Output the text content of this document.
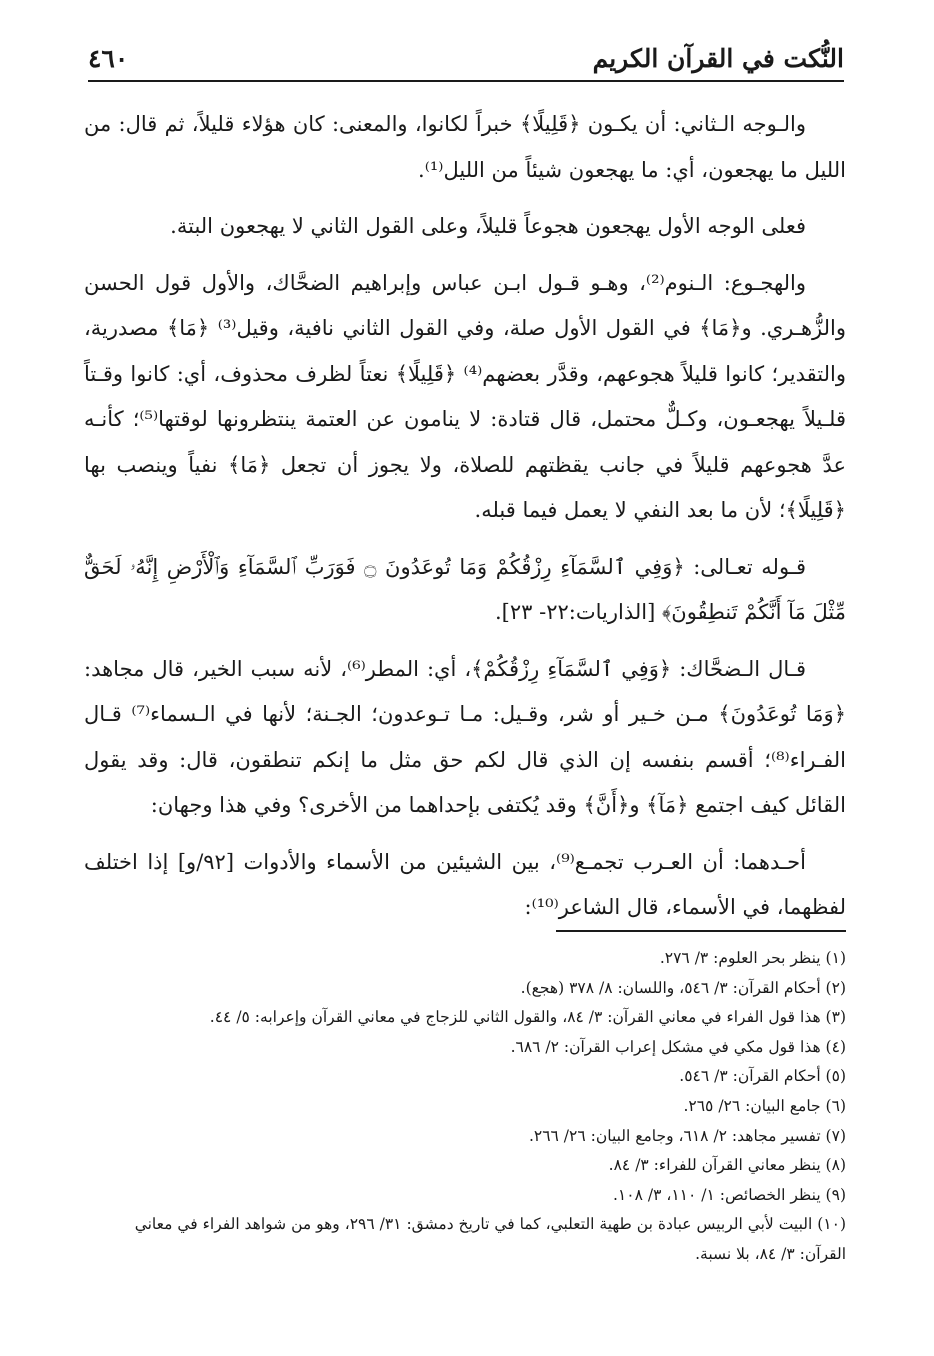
النُّكت في القرآن الكريم
٤٦٠

والـوجه الـثاني: أن يكـون ﴿قَلِيلًا﴾ خبراً لكانوا، والمعنى: كان هؤلاء قليلاً، ثم قال: من الليل ما يهجعون، أي: ما يهجعون شيئاً من الليل⁽¹⁾.

فعلى الوجه الأول يهجعون هجوعاً قليلاً، وعلى القول الثاني لا يهجعون البتة.

والهجـوع: الـنوم⁽²⁾، وهـو قـول ابـن عباس وإبراهيم الضحَّاك، والأول قول الحسن والزُّهـري. و﴿مَا﴾ في القول الأول صلة، وفي القول الثاني نافية، وقيل⁽³⁾ ﴿مَا﴾ مصدرية، والتقدير؛ كانوا قليلاً هجوعهم، وقدَّر بعضهم⁽⁴⁾ ﴿قَلِيلًا﴾ نعتاً لظرف محذوف، أي: كانوا وقـتاً قلـيلاً يهجعـون، وكـلٌّ محتمل، قال قتادة: لا ينامون عن العتمة ينتظرونها لوقتها⁽⁵⁾؛ كأنـه عدَّ هجوعهم قليلاً في جانب يقظتهم للصلاة، ولا يجوز أن تجعل ﴿مَا﴾ نفياً وينصب بها ﴿قَلِيلًا﴾؛ لأن ما بعد النفي لا يعمل فيما قبله.

قـوله تعـالى: ﴿وَفِي ٱلسَّمَآءِ رِزْقُكُمْ وَمَا تُوعَدُونَ ۝ فَوَرَبِّ ٱلسَّمَآءِ وَٱلْأَرْضِ إِنَّهُۥ لَحَقٌّ مِّثْلَ مَآ أَنَّكُمْ تَنطِقُونَ﴾ [الذاريات:٢٢- ٢٣].

قـال الـضحَّاك: ﴿وَفِي ٱلسَّمَآءِ رِزْقُكُمْ﴾، أي: المطر⁽⁶⁾، لأنه سبب الخير، قال مجاهد: ﴿وَمَا تُوعَدُونَ﴾ مـن خـير أو شر، وقـيل: مـا تـوعدون؛ الجـنة؛ لأنها في الـسماء⁽⁷⁾ قـال الفـراء⁽⁸⁾؛ أقسم بنفسه إن الذي قال لكم حق مثل ما إنكم تنطقون، قال: وقد يقول القائل كيف اجتمع ﴿مَآ﴾ و﴿أَنَّ﴾ وقد يُكتفى بإحداهما من الأخرى؟ وفي هذا وجهان:

أحـدهما: أن العـرب تجمـع⁽⁹⁾، بين الشيئين من الأسماء والأدوات [٩٢/و] إذا اختلف لفظهما، في الأسماء، قال الشاعر⁽¹⁰⁾:

(١) ينظر بحر العلوم: ٣/ ٢٧٦.
(٢) أحكام القرآن: ٣/ ٥٤٦، واللسان: ٨/ ٣٧٨ (هجع).
(٣) هذا قول الفراء في معاني القرآن: ٣/ ٨٤، والقول الثاني للزجاج في معاني القرآن وإعرابه: ٥/ ٤٤.
(٤) هذا قول مكي في مشكل إعراب القرآن: ٢/ ٦٨٦.
(٥) أحكام القرآن: ٣/ ٥٤٦.
(٦) جامع البيان: ٢٦/ ٢٦٥.
(٧) تفسير مجاهد: ٢/ ٦١٨، وجامع البيان: ٢٦/ ٢٦٦.
(٨) ينظر معاني القرآن للفراء: ٣/ ٨٤.
(٩) ينظر الخصائص: ١/ ١١٠، ٣/ ١٠٨.
(١٠) البيت لأبي الربيس عبادة بن طهية التعلبي، كما في تاريخ دمشق: ٣١/ ٢٩٦، وهو من شواهد الفراء في معاني القرآن: ٣/ ٨٤، بلا نسبة.
